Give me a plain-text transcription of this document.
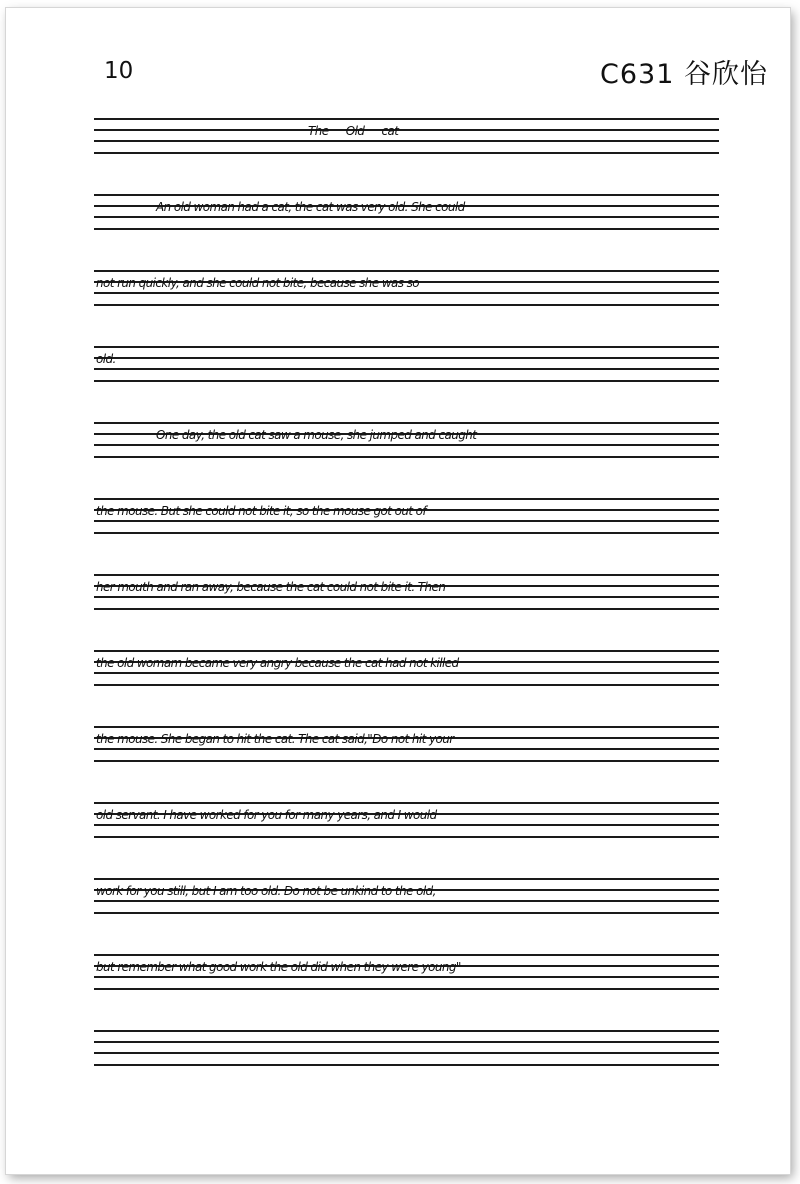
10	C631 谷欣怡
The Old cat
An old woman had a cat, the cat was very old. She could
not run quickly, and she could not bite, because she was so
old.
One day, the old cat saw a mouse, she jumped and caught
the mouse. But she could not bite it, so the mouse got out of
her mouth and ran away, because the cat could not bite it. Then
the old womam became very angry because the cat had not killed
the mouse. She began to hit the cat. The cat said,"Do not hit your
old servant. I have worked for you for many years, and I would
work for you still, but I am too old. Do not be unkind to the old,
but remember what good work the old did when they were young"
